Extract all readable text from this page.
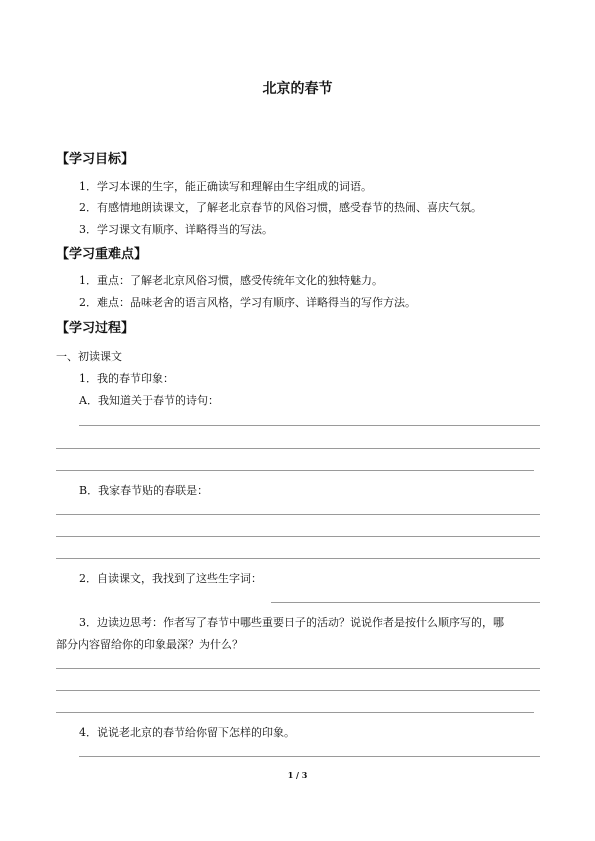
北京的春节
【学习目标】
1．学习本课的生字，能正确读写和理解由生字组成的词语。
2．有感情地朗读课文，了解老北京春节的风俗习惯，感受春节的热闹、喜庆气氛。
3．学习课文有顺序、详略得当的写法。
【学习重难点】
1．重点：了解老北京风俗习惯，感受传统年文化的独特魅力。
2．难点：品味老舍的语言风格，学习有顺序、详略得当的写作方法。
【学习过程】
一、初读课文
1．我的春节印象：
A．我知道关于春节的诗句：
B．我家春节贴的春联是：
2．自读课文，我找到了这些生字词：
3．边读边思考：作者写了春节中哪些重要日子的活动？说说作者是按什么顺序写的，哪
部分内容留给你的印象最深？为什么？
4．说说老北京的春节给你留下怎样的印象。
1 / 3
